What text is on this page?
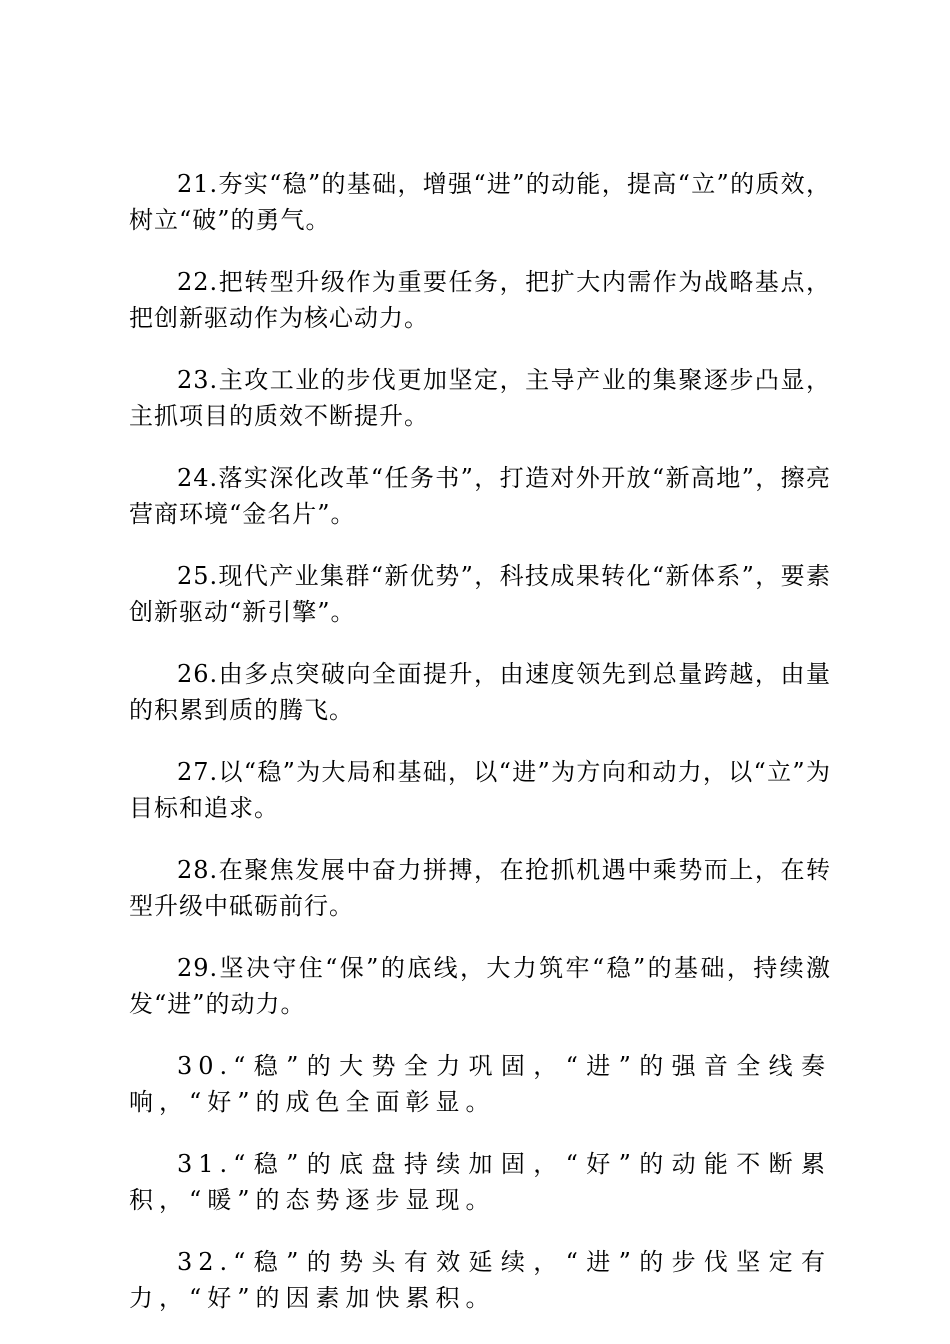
21.夯实“稳”的基础，增强“进”的动能，提高“立”的质效，树立“破”的勇气。

22.把转型升级作为重要任务，把扩大内需作为战略基点，把创新驱动作为核心动力。

23.主攻工业的步伐更加坚定，主导产业的集聚逐步凸显，主抓项目的质效不断提升。

24.落实深化改革“任务书”，打造对外开放“新高地”，擦亮营商环境“金名片”。

25.现代产业集群“新优势”，科技成果转化“新体系”，要素创新驱动“新引擎”。

26.由多点突破向全面提升，由速度领先到总量跨越，由量的积累到质的腾飞。

27.以“稳”为大局和基础，以“进”为方向和动力，以“立”为目标和追求。

28.在聚焦发展中奋力拼搏，在抢抓机遇中乘势而上，在转型升级中砥砺前行。

29.坚决守住“保”的底线，大力筑牢“稳”的基础，持续激发“进”的动力。

30.“稳”的大势全力巩固，“进”的强音全线奏响，“好”的成色全面彰显。

31.“稳”的底盘持续加固，“好”的动能不断累积，“暖”的态势逐步显现。

32.“稳”的势头有效延续，“进”的步伐坚定有力，“好”的因素加快累积。
